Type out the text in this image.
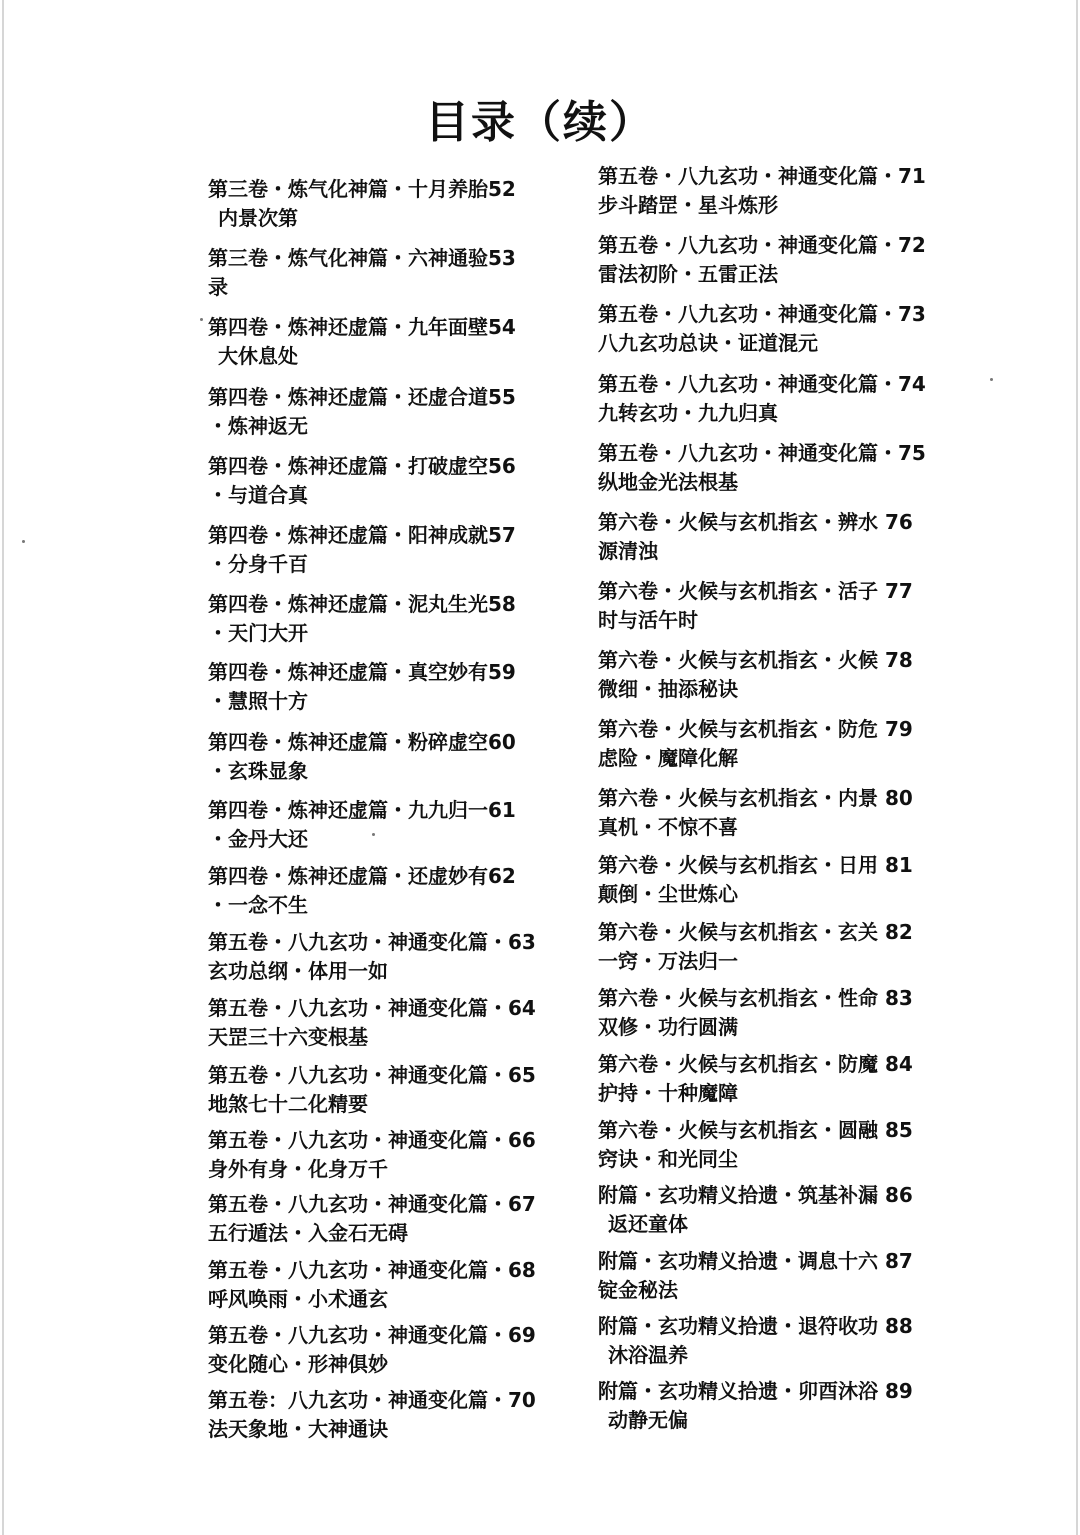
目录（续）
第三卷・炼气化神篇・十月养胎52
内景次第
第三卷・炼气化神篇・六神通验53
录
第四卷・炼神还虚篇・九年面壁54
大休息处
第四卷・炼神还虚篇・还虚合道55
・炼神返无
第四卷・炼神还虚篇・打破虚空56
・与道合真
第四卷・炼神还虚篇・阳神成就57
・分身千百
第四卷・炼神还虚篇・泥丸生光58
・天门大开
第四卷・炼神还虚篇・真空妙有59
・慧照十方
第四卷・炼神还虚篇・粉碎虚空60
・玄珠显象
第四卷・炼神还虚篇・九九归一61
・金丹大还
第四卷・炼神还虚篇・还虚妙有62
・一念不生
第五卷・八九玄功・神通变化篇・63
玄功总纲・体用一如
第五卷・八九玄功・神通变化篇・64
天罡三十六变根基
第五卷・八九玄功・神通变化篇・65
地煞七十二化精要
第五卷・八九玄功・神通变化篇・66
身外有身・化身万千
第五卷・八九玄功・神通变化篇・67
五行遁法・入金石无碍
第五卷・八九玄功・神通变化篇・68
呼风唤雨・小术通玄
第五卷・八九玄功・神通变化篇・69
变化随心・形神俱妙
第五卷：八九玄功・神通变化篇・70
法天象地・大神通诀
第五卷・八九玄功・神通变化篇・71
步斗踏罡・星斗炼形
第五卷・八九玄功・神通变化篇・72
雷法初阶・五雷正法
第五卷・八九玄功・神通变化篇・73
八九玄功总诀・证道混元
第五卷・八九玄功・神通变化篇・74
九转玄功・九九归真
第五卷・八九玄功・神通变化篇・75
纵地金光法根基
第六卷・火候与玄机指玄・辨水 76
源清浊
第六卷・火候与玄机指玄・活子 77
时与活午时
第六卷・火候与玄机指玄・火候 78
微细・抽添秘诀
第六卷・火候与玄机指玄・防危 79
虑险・魔障化解
第六卷・火候与玄机指玄・内景 80
真机・不惊不喜
第六卷・火候与玄机指玄・日用 81
颠倒・尘世炼心
第六卷・火候与玄机指玄・玄关 82
一窍・万法归一
第六卷・火候与玄机指玄・性命 83
双修・功行圆满
第六卷・火候与玄机指玄・防魔 84
护持・十种魔障
第六卷・火候与玄机指玄・圆融 85
窍诀・和光同尘
附篇・玄功精义拾遗・筑基补漏 86
返还童体
附篇・玄功精义拾遗・调息十六 87
锭金秘法
附篇・玄功精义拾遗・退符收功 88
沐浴温养
附篇・玄功精义拾遗・卯酉沐浴 89
动静无偏
